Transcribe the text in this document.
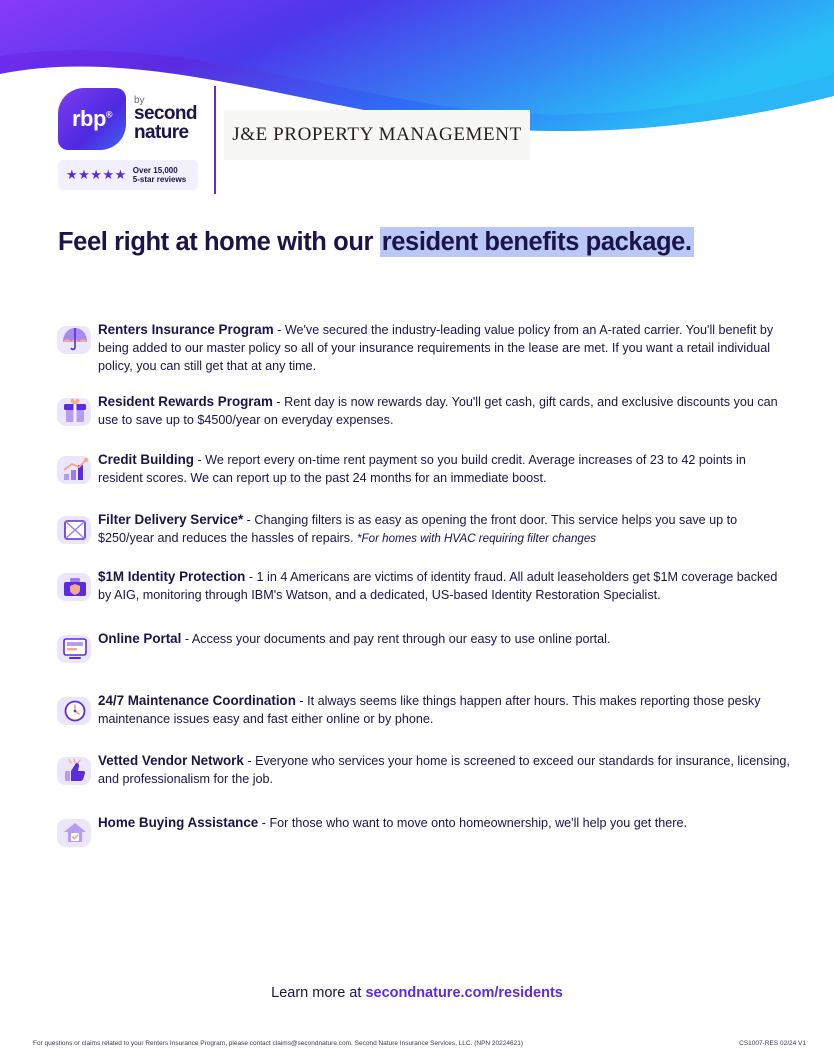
rbp®
by
second
nature
★★★★★ Over 15,000
5-star reviews
J&E PROPERTY MANAGEMENT
Feel right at home with our resident benefits package.
Renters Insurance Program - We've secured the industry-leading value policy from an A-rated carrier. You'll benefit by being added to our master policy so all of your insurance requirements in the lease are met. If you want a retail individual policy, you can still get that at any time.
Resident Rewards Program - Rent day is now rewards day. You'll get cash, gift cards, and exclusive discounts you can use to save up to $4500/year on everyday expenses.
Credit Building - We report every on-time rent payment so you build credit. Average increases of 23 to 42 points in resident scores. We can report up to the past 24 months for an immediate boost.
Filter Delivery Service* - Changing filters is as easy as opening the front door. This service helps you save up to $250/year and reduces the hassles of repairs. *For homes with HVAC requiring filter changes
$1M Identity Protection - 1 in 4 Americans are victims of identity fraud. All adult leaseholders get $1M coverage backed by AIG, monitoring through IBM's Watson, and a dedicated, US-based Identity Restoration Specialist.
Online Portal - Access your documents and pay rent through our easy to use online portal.
24/7 Maintenance Coordination - It always seems like things happen after hours. This makes reporting those pesky maintenance issues easy and fast either online or by phone.
Vetted Vendor Network - Everyone who services your home is screened to exceed our standards for insurance, licensing, and professionalism for the job.
Home Buying Assistance - For those who want to move onto homeownership, we'll help you get there.
Learn more at secondnature.com/residents
For questions or claims related to your Renters Insurance Program, please contact claims@secondnature.com. Second Nature Insurance Services, LLC. (NPN 20224621)	CS1007-RES 02/24 V1
